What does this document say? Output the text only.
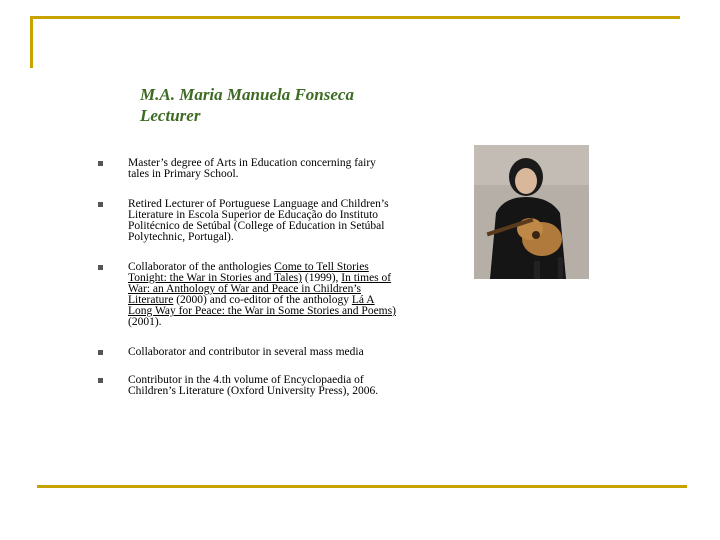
M.A. Maria Manuela Fonseca
Lecturer
Master’s degree of Arts in Education concerning fairy tales in Primary School.
Retired Lecturer of Portuguese Language and Children’s Literature in Escola Superior de Educação do Instituto Politécnico de Setúbal (College of Education in Setúbal Polytechnic, Portugal).
Collaborator of the anthologies Come to Tell Stories Tonight: the War in Stories and Tales) (1999), In times of War: an Anthology of War and Peace in Children’s Literature (2000) and co-editor of the anthology Lá A Long Way for Peace: the War in Some Stories and Poems) (2001).
Collaborator and contributor in several mass media
Contributor in the 4.th volume of Encyclopaedia of Children’s Literature (Oxford University Press), 2006.
